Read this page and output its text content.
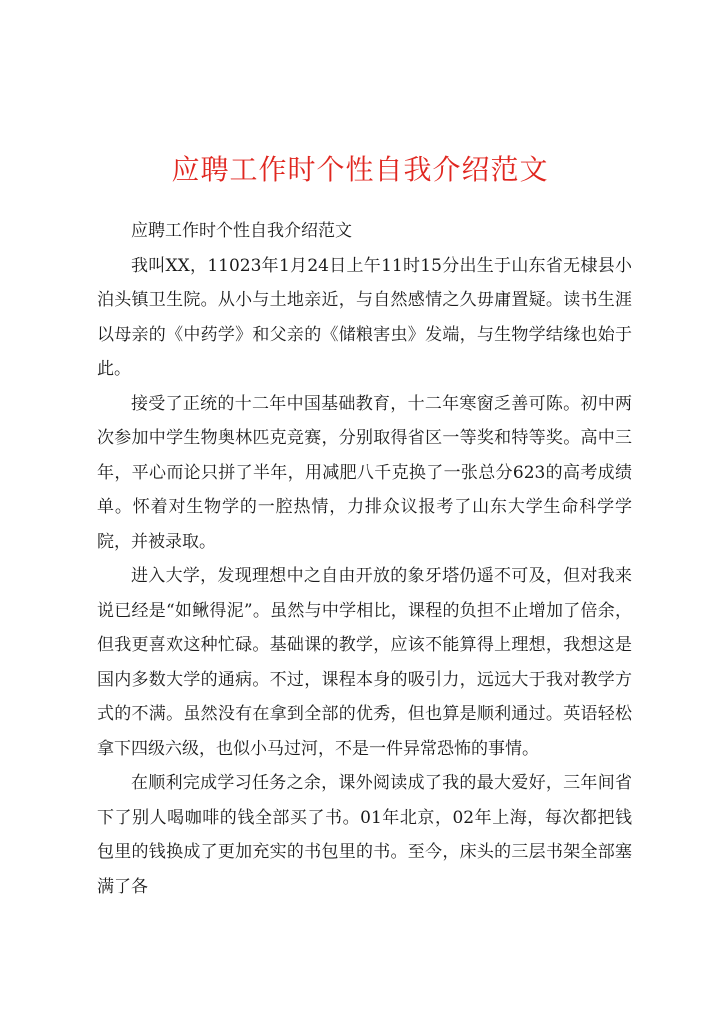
应聘工作时个性自我介绍范文

应聘工作时个性自我介绍范文

我叫XX，11023年1月24日上午11时15分出生于山东省无棣县小泊头镇卫生院。从小与土地亲近，与自然感情之久毋庸置疑。读书生涯以母亲的《中药学》和父亲的《储粮害虫》发端，与生物学结缘也始于此。

接受了正统的十二年中国基础教育，十二年寒窗乏善可陈。初中两次参加中学生物奥林匹克竞赛，分别取得省区一等奖和特等奖。高中三年，平心而论只拼了半年，用减肥八千克换了一张总分623的高考成绩单。怀着对生物学的一腔热情，力排众议报考了山东大学生命科学学院，并被录取。

进入大学，发现理想中之自由开放的象牙塔仍遥不可及，但对我来说已经是“如鳅得泥”。虽然与中学相比，课程的负担不止增加了倍余，但我更喜欢这种忙碌。基础课的教学，应该不能算得上理想，我想这是国内多数大学的通病。不过，课程本身的吸引力，远远大于我对教学方式的不满。虽然没有在拿到全部的优秀，但也算是顺利通过。英语轻松拿下四级六级，也似小马过河，不是一件异常恐怖的事情。

在顺利完成学习任务之余，课外阅读成了我的最大爱好，三年间省下了别人喝咖啡的钱全部买了书。01年北京，02年上海，每次都把钱包里的钱换成了更加充实的书包里的书。至今，床头的三层书架全部塞满了各
